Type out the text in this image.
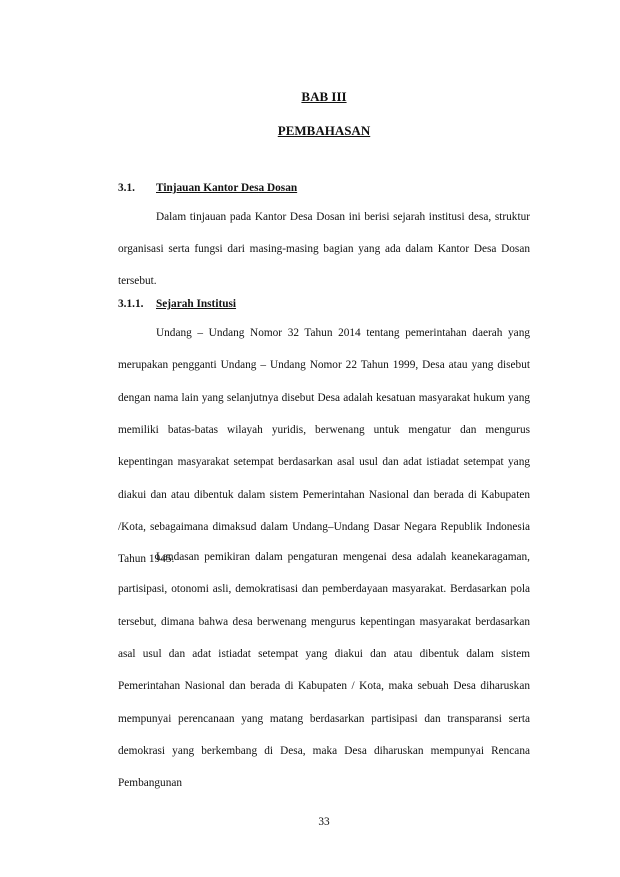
BAB III

PEMBAHASAN

3.1. Tinjauan Kantor Desa Dosan

Dalam tinjauan pada Kantor Desa Dosan ini berisi sejarah institusi desa, struktur organisasi serta fungsi dari masing-masing bagian yang ada dalam Kantor Desa Dosan tersebut.

3.1.1. Sejarah Institusi

Undang – Undang Nomor 32 Tahun 2014 tentang pemerintahan daerah yang merupakan pengganti Undang – Undang Nomor 22 Tahun 1999, Desa atau yang disebut dengan nama lain yang selanjutnya disebut Desa adalah kesatuan masyarakat hukum yang memiliki batas-batas wilayah yuridis, berwenang untuk mengatur dan mengurus kepentingan masyarakat setempat berdasarkan asal usul dan adat istiadat setempat yang diakui dan atau dibentuk dalam sistem Pemerintahan Nasional dan berada di Kabupaten /Kota, sebagaimana dimaksud dalam Undang–Undang Dasar Negara Republik Indonesia Tahun 1945.

Landasan pemikiran dalam pengaturan mengenai desa adalah keanekaragaman, partisipasi, otonomi asli, demokratisasi dan pemberdayaan masyarakat. Berdasarkan pola tersebut, dimana bahwa desa berwenang mengurus kepentingan masyarakat berdasarkan asal usul dan adat istiadat setempat yang diakui dan atau dibentuk dalam sistem Pemerintahan Nasional dan berada di Kabupaten / Kota, maka sebuah Desa diharuskan mempunyai perencanaan yang matang berdasarkan partisipasi dan transparansi serta demokrasi yang berkembang di Desa, maka Desa diharuskan mempunyai Rencana Pembangunan

33
